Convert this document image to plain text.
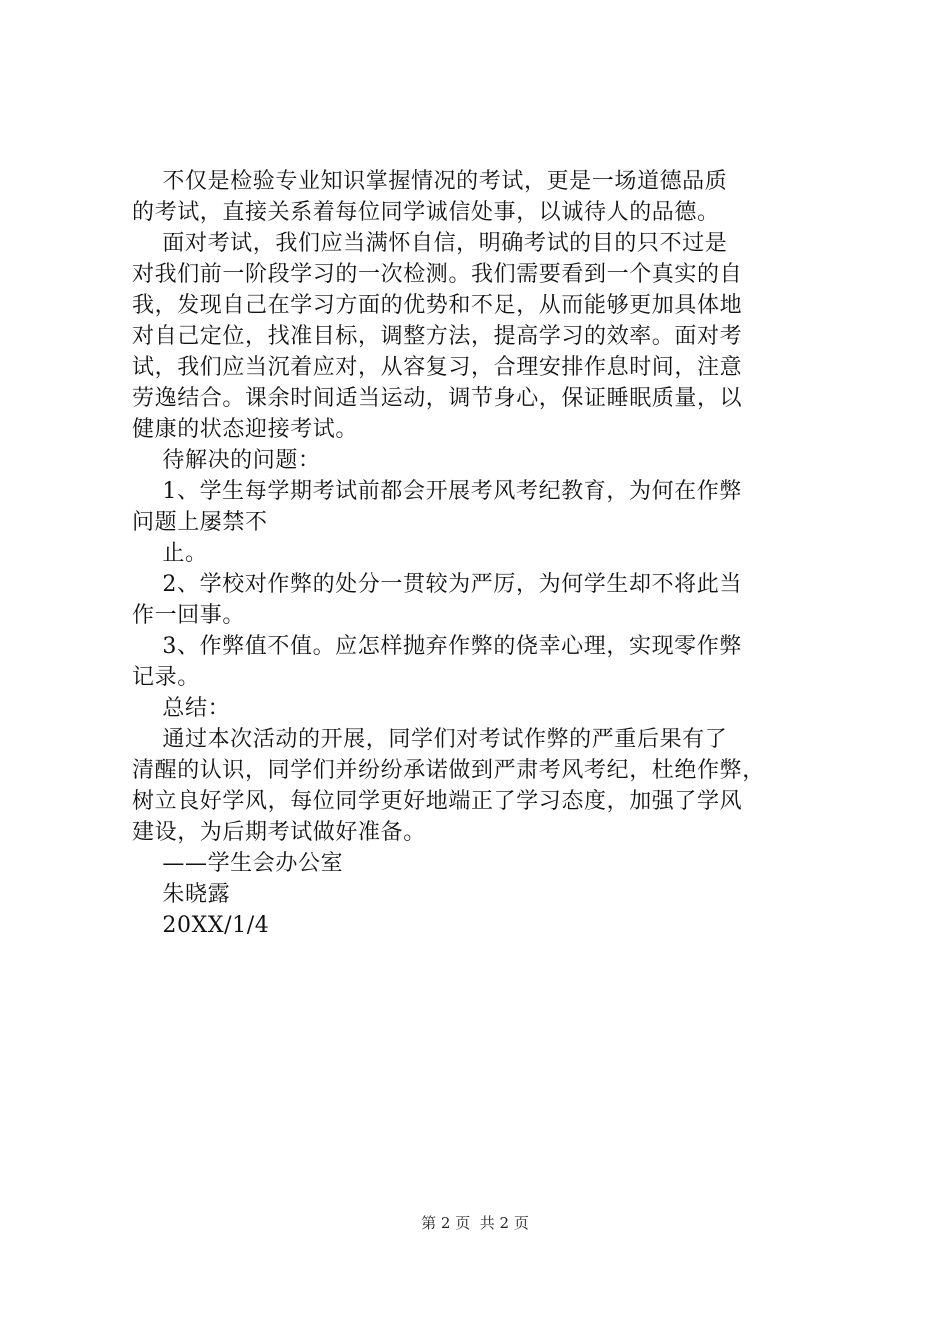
不仅是检验专业知识掌握情况的考试，更是一场道德品质
的考试，直接关系着每位同学诚信处事，以诚待人的品德。
面对考试，我们应当满怀自信，明确考试的目的只不过是
对我们前一阶段学习的一次检测。我们需要看到一个真实的自
我，发现自己在学习方面的优势和不足，从而能够更加具体地
对自己定位，找准目标，调整方法，提高学习的效率。面对考
试，我们应当沉着应对，从容复习，合理安排作息时间，注意
劳逸结合。课余时间适当运动，调节身心，保证睡眠质量，以
健康的状态迎接考试。
待解决的问题：
1、学生每学期考试前都会开展考风考纪教育，为何在作弊
问题上屡禁不
止。
2、学校对作弊的处分一贯较为严厉，为何学生却不将此当
作一回事。
3、作弊值不值。应怎样抛弃作弊的侥幸心理，实现零作弊
记录。
总结：
通过本次活动的开展，同学们对考试作弊的严重后果有了
清醒的认识，同学们并纷纷承诺做到严肃考风考纪，杜绝作弊，
树立良好学风，每位同学更好地端正了学习态度，加强了学风
建设，为后期考试做好准备。
——学生会办公室
朱晓露
20XX/1/4
第 2 页  共 2 页
